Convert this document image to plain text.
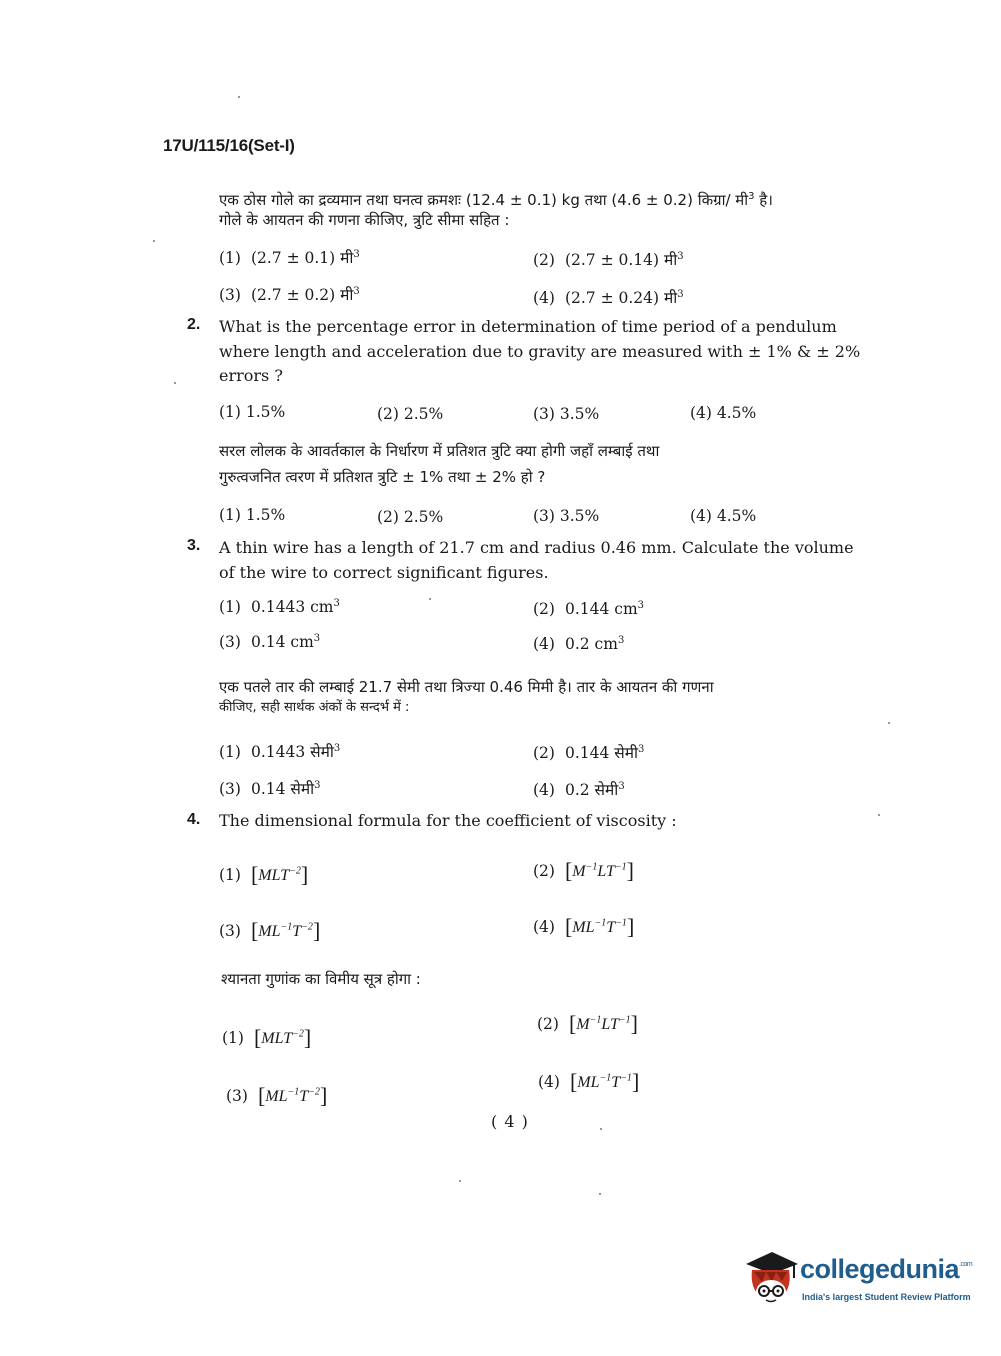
17U/115/16(Set-I)
एक ठोस गोले का द्रव्यमान तथा घनत्व क्रमशः (12.4 ± 0.1) kg तथा (4.6 ± 0.2) किग्रा/ मी$^3$ है।
गोले के आयतन की गणना कीजिए, त्रुटि सीमा सहित :
(1) (2.7 ± 0.1) मी$^3$	(2) (2.7 ± 0.14) मी$^3$
(3) (2.7 ± 0.2) मी$^3$	(4) (2.7 ± 0.24) मी$^3$
2. What is the percentage error in determination of time period of a pendulum
where length and acceleration due to gravity are measured with ± 1% & ± 2%
errors ?
(1) 1.5%	(2) 2.5%	(3) 3.5%	(4) 4.5%
सरल लोलक के आवर्तकाल के निर्धारण में प्रतिशत त्रुटि क्या होगी जहाँ लम्बाई तथा
गुरुत्वजनित त्वरण में प्रतिशत त्रुटि ± 1% तथा ± 2% हो ?
(1) 1.5%	(2) 2.5%	(3) 3.5%	(4) 4.5%
3. A thin wire has a length of 21.7 cm and radius 0.46 mm. Calculate the volume
of the wire to correct significant figures.
(1) 0.1443 $cm^3$	(2) 0.144 $cm^3$
(3) 0.14 $cm^3$	(4) 0.2 $cm^3$
एक पतले तार की लम्बाई 21.7 सेमी तथा त्रिज्या 0.46 मिमी है। तार के आयतन की गणना
कीजिए, सही सार्थक अंकों के सन्दर्भ में :
(1) 0.1443 सेमी$^3$	(2) 0.144 सेमी$^3$
(3) 0.14 सेमी$^3$	(4) 0.2 सेमी$^3$
4. The dimensional formula for the coefficient of viscosity :
(1) $[MLT^{-2}]$	(2) $[M^{-1}LT^{-1}]$
(3) $[ML^{-1}T^{-2}]$	(4) $[ML^{-1}T^{-1}]$
श्यानता गुणांक का विमीय सूत्र होगा :
(1) $[MLT^{-2}]$
(2) $[M^{-1}LT^{-1}]$
(3) $[ML^{-1}T^{-2}]$
(4) $[ML^{-1}T^{-1}]$
( 4 )
collegedunia$^{.com}$
India's largest Student Review Platform
